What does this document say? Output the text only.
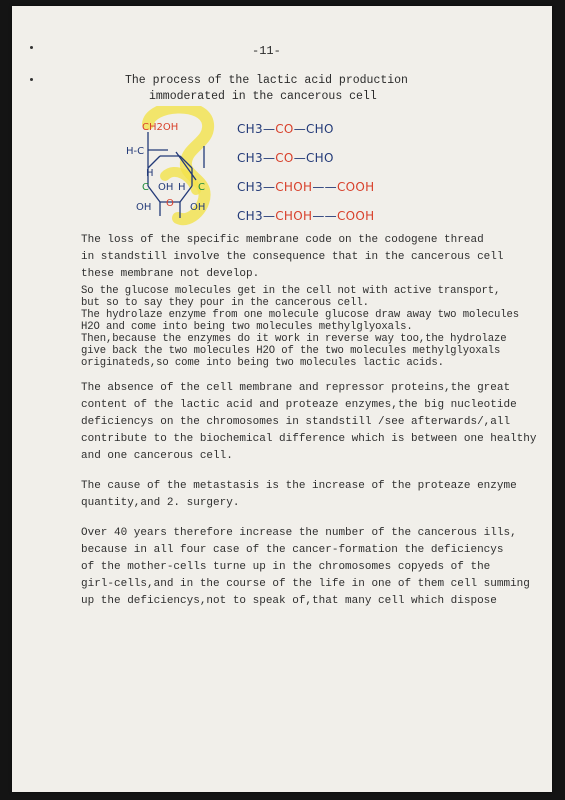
-11-
The process of the lactic acid production
immoderated in the cancerous cell
CH2OH
H-C
H
C OH H C
O
OH	OH
CH3—CO—CHO
CH3—CO—CHO
CH3—CHOH——COOH
CH3—CHOH——COOH
The loss of the specific membrane code on the codogene thread
in standstill involve the consequence that in the cancerous cell
these membrane not develop.
So the glucose molecules get in the cell not with active transport,
but so to say they pour in the cancerous cell.
The hydrolaze enzyme from one molecule glucose draw away two molecules
H2O and come into being two molecules methylglyoxals.
Then,because the enzymes do it work in reverse way too,the hydrolaze
give back the two molecules H2O of the two molecules methylglyoxals
originateds,so come into being two molecules lactic acids.
The absence of the cell membrane and repressor proteins,the great
content of the lactic acid and proteaze enzymes,the big nucleotide
deficiencys on the chromosomes in standstill /see afterwards/,all
contribute to the biochemical difference which is between one healthy
and one cancerous cell.
The cause of the metastasis is the increase of the proteaze enzyme
quantity,and 2. surgery.
Over 40 years therefore increase the number of the cancerous ills,
because in all four case of the cancer-formation the deficiencys
of the mother-cells turne up in the chromosomes copyeds of the
girl-cells,and in the course of the life in one of them cell summing
up the deficiencys,not to speak of,that many cell which dispose
